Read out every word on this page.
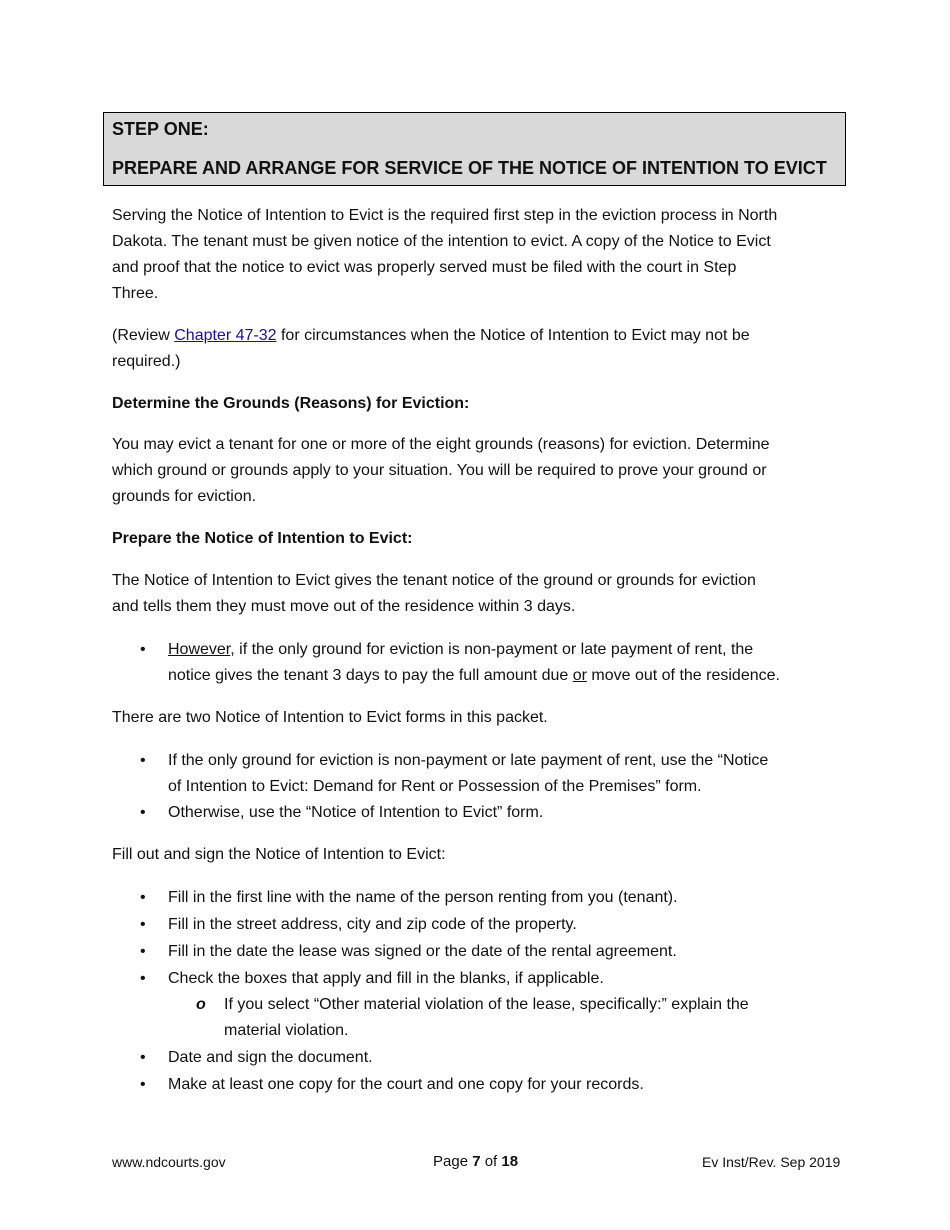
STEP ONE:
PREPARE AND ARRANGE FOR SERVICE OF THE NOTICE OF INTENTION TO EVICT
Serving the Notice of Intention to Evict is the required first step in the eviction process in North
Dakota. The tenant must be given notice of the intention to evict. A copy of the Notice to Evict
and proof that the notice to evict was properly served must be filed with the court in Step
Three.
(Review Chapter 47-32 for circumstances when the Notice of Intention to Evict may not be
required.)
Determine the Grounds (Reasons) for Eviction:
You may evict a tenant for one or more of the eight grounds (reasons) for eviction. Determine
which ground or grounds apply to your situation. You will be required to prove your ground or
grounds for eviction.
Prepare the Notice of Intention to Evict:
The Notice of Intention to Evict gives the tenant notice of the ground or grounds for eviction
and tells them they must move out of the residence within 3 days.
•	However, if the only ground for eviction is non-payment or late payment of rent, the
notice gives the tenant 3 days to pay the full amount due or move out of the residence.
There are two Notice of Intention to Evict forms in this packet.
•	If the only ground for eviction is non-payment or late payment of rent, use the “Notice
of Intention to Evict: Demand for Rent or Possession of the Premises” form.
•	Otherwise, use the “Notice of Intention to Evict” form.
Fill out and sign the Notice of Intention to Evict:
•	Fill in the first line with the name of the person renting from you (tenant).
•	Fill in the street address, city and zip code of the property.
•	Fill in the date the lease was signed or the date of the rental agreement.
•	Check the boxes that apply and fill in the blanks, if applicable.
o	If you select “Other material violation of the lease, specifically:” explain the
material violation.
•	Date and sign the document.
•	Make at least one copy for the court and one copy for your records.
www.ndcourts.gov	Page 7 of 18	Ev Inst/Rev. Sep 2019
